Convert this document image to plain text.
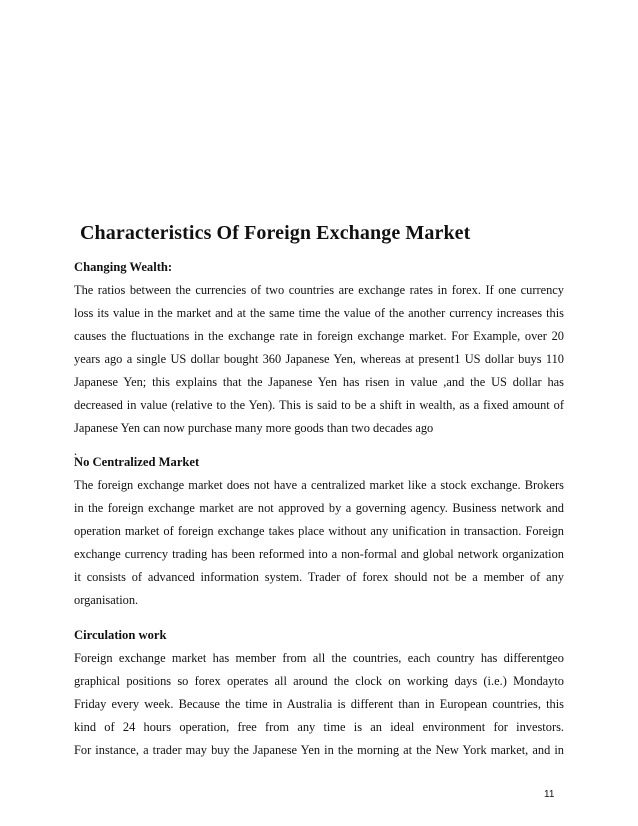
Characteristics Of Foreign Exchange Market
Changing Wealth:
The ratios between the currencies of two countries are exchange rates in forex. If one currency
loss its value in the market and at the same time the value of the another currency increases this
causes the fluctuations in the exchange rate in foreign exchange market. For Example, over 20
years ago a single US dollar bought 360 Japanese Yen, whereas at present1 US dollar buys 110
Japanese Yen; this explains that the Japanese Yen has risen in value ,and the US dollar has
decreased in value (relative to the Yen). This is said to be a shift in wealth, as a fixed amount of
Japanese Yen can now purchase many more goods than two decades ago
.
No Centralized Market
The foreign exchange market does not have a centralized market like a stock exchange. Brokers
in the foreign exchange market are not approved by a governing agency. Business network and
operation market of foreign exchange takes place without any unification in transaction. Foreign
exchange currency trading has been reformed into a non-formal and global network organization
it consists of advanced information system. Trader of forex should not be a member of any
organisation.
Circulation work
Foreign exchange market has member from all the countries, each country has differentgeo
graphical positions so forex operates all around the clock on working days (i.e.) Mondayto
Friday every week. Because the time in Australia is different than in European countries, this
kind of 24 hours operation, free from any time is an ideal environment for investors.
For instance, a trader may buy the Japanese Yen in the morning at the New York market, and in
11
